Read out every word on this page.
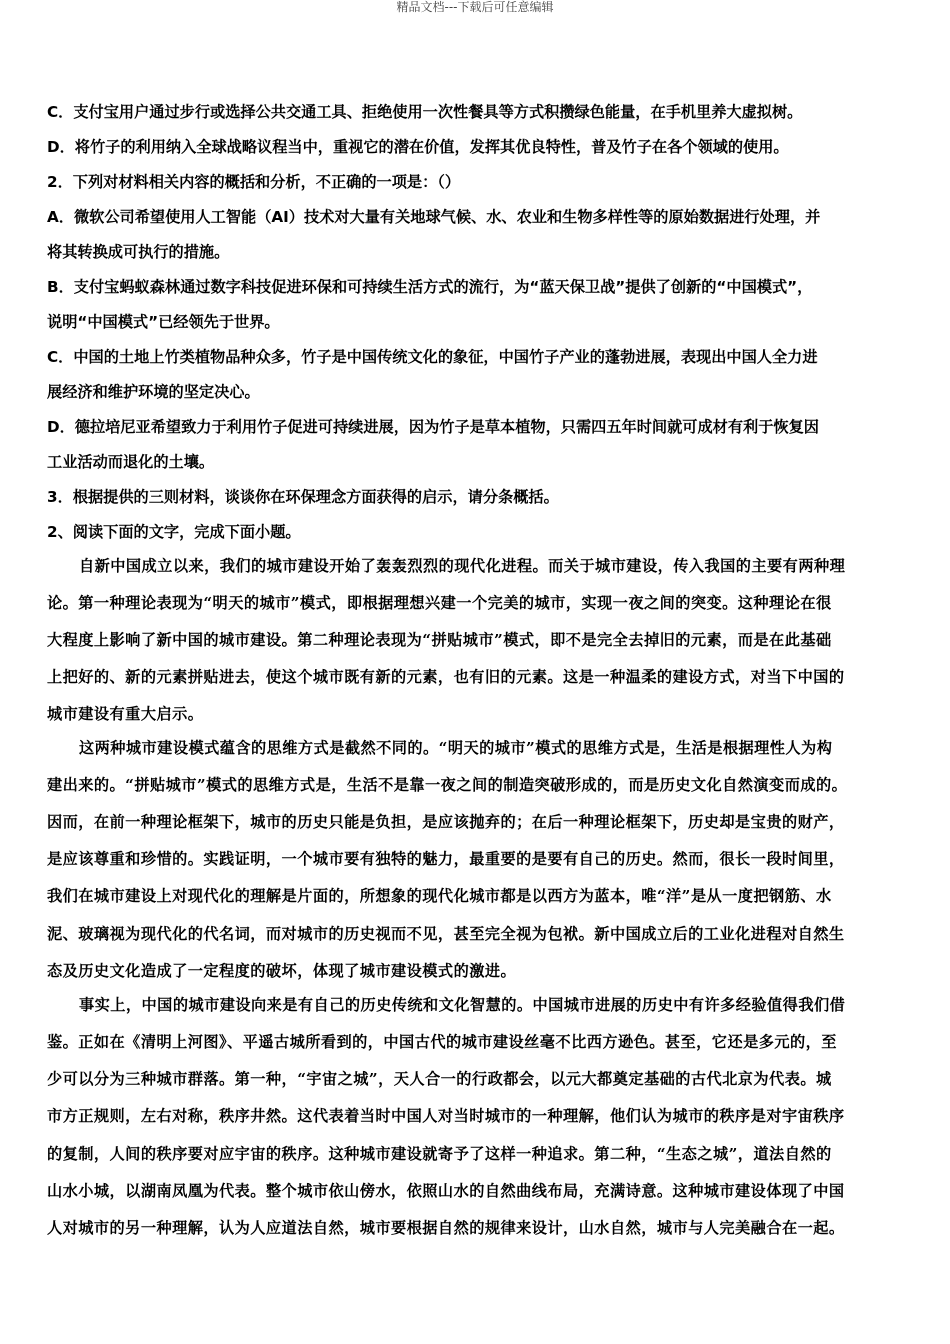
精品文档---下载后可任意编辑
C．支付宝用户通过步行或选择公共交通工具、拒绝使用一次性餐具等方式积攒绿色能量，在手机里养大虚拟树。
D．将竹子的利用纳入全球战略议程当中，重视它的潜在价值，发挥其优良特性，普及竹子在各个领域的使用。
2．下列对材料相关内容的概括和分析，不正确的一项是：（）
A．微软公司希望使用人工智能（AI）技术对大量有关地球气候、水、农业和生物多样性等的原始数据进行处理，并
将其转换成可执行的措施。
B．支付宝蚂蚁森林通过数字科技促进环保和可持续生活方式的流行，为“蓝天保卫战”提供了创新的“中国模式”，
说明“中国模式”已经领先于世界。
C．中国的土地上竹类植物品种众多，竹子是中国传统文化的象征，中国竹子产业的蓬勃进展，表现出中国人全力进
展经济和维护环境的坚定决心。
D．德拉培尼亚希望致力于利用竹子促进可持续进展，因为竹子是草本植物，只需四五年时间就可成材有利于恢复因
工业活动而退化的土壤。
3．根据提供的三则材料，谈谈你在环保理念方面获得的启示，请分条概括。
2、阅读下面的文字，完成下面小题。
自新中国成立以来，我们的城市建设开始了轰轰烈烈的现代化进程。而关于城市建设，传入我国的主要有两种理
论。第一种理论表现为“明天的城市”模式，即根据理想兴建一个完美的城市，实现一夜之间的突变。这种理论在很
大程度上影响了新中国的城市建设。第二种理论表现为“拼贴城市”模式，即不是完全去掉旧的元素，而是在此基础
上把好的、新的元素拼贴进去，使这个城市既有新的元素，也有旧的元素。这是一种温柔的建设方式，对当下中国的
城市建设有重大启示。
这两种城市建设模式蕴含的思维方式是截然不同的。“明天的城市”模式的思维方式是，生活是根据理性人为构
建出来的。“拼贴城市”模式的思维方式是，生活不是靠一夜之间的制造突破形成的，而是历史文化自然演变而成的。
因而，在前一种理论框架下，城市的历史只能是负担，是应该抛弃的；在后一种理论框架下，历史却是宝贵的财产，
是应该尊重和珍惜的。实践证明，一个城市要有独特的魅力，最重要的是要有自己的历史。然而，很长一段时间里，
我们在城市建设上对现代化的理解是片面的，所想象的现代化城市都是以西方为蓝本，唯“洋”是从一度把钢筋、水
泥、玻璃视为现代化的代名词，而对城市的历史视而不见，甚至完全视为包袱。新中国成立后的工业化进程对自然生
态及历史文化造成了一定程度的破坏，体现了城市建设模式的激进。
事实上，中国的城市建设向来是有自己的历史传统和文化智慧的。中国城市进展的历史中有许多经验值得我们借
鉴。正如在《清明上河图》、平遥古城所看到的，中国古代的城市建设丝毫不比西方逊色。甚至，它还是多元的，至
少可以分为三种城市群落。第一种，“宇宙之城”，天人合一的行政都会，以元大都奠定基础的古代北京为代表。城
市方正规则，左右对称，秩序井然。这代表着当时中国人对当时城市的一种理解，他们认为城市的秩序是对宇宙秩序
的复制，人间的秩序要对应宇宙的秩序。这种城市建设就寄予了这样一种追求。第二种，“生态之城”，道法自然的
山水小城，以湖南凤凰为代表。整个城市依山傍水，依照山水的自然曲线布局，充满诗意。这种城市建设体现了中国
人对城市的另一种理解，认为人应道法自然，城市要根据自然的规律来设计，山水自然，城市与人完美融合在一起。
